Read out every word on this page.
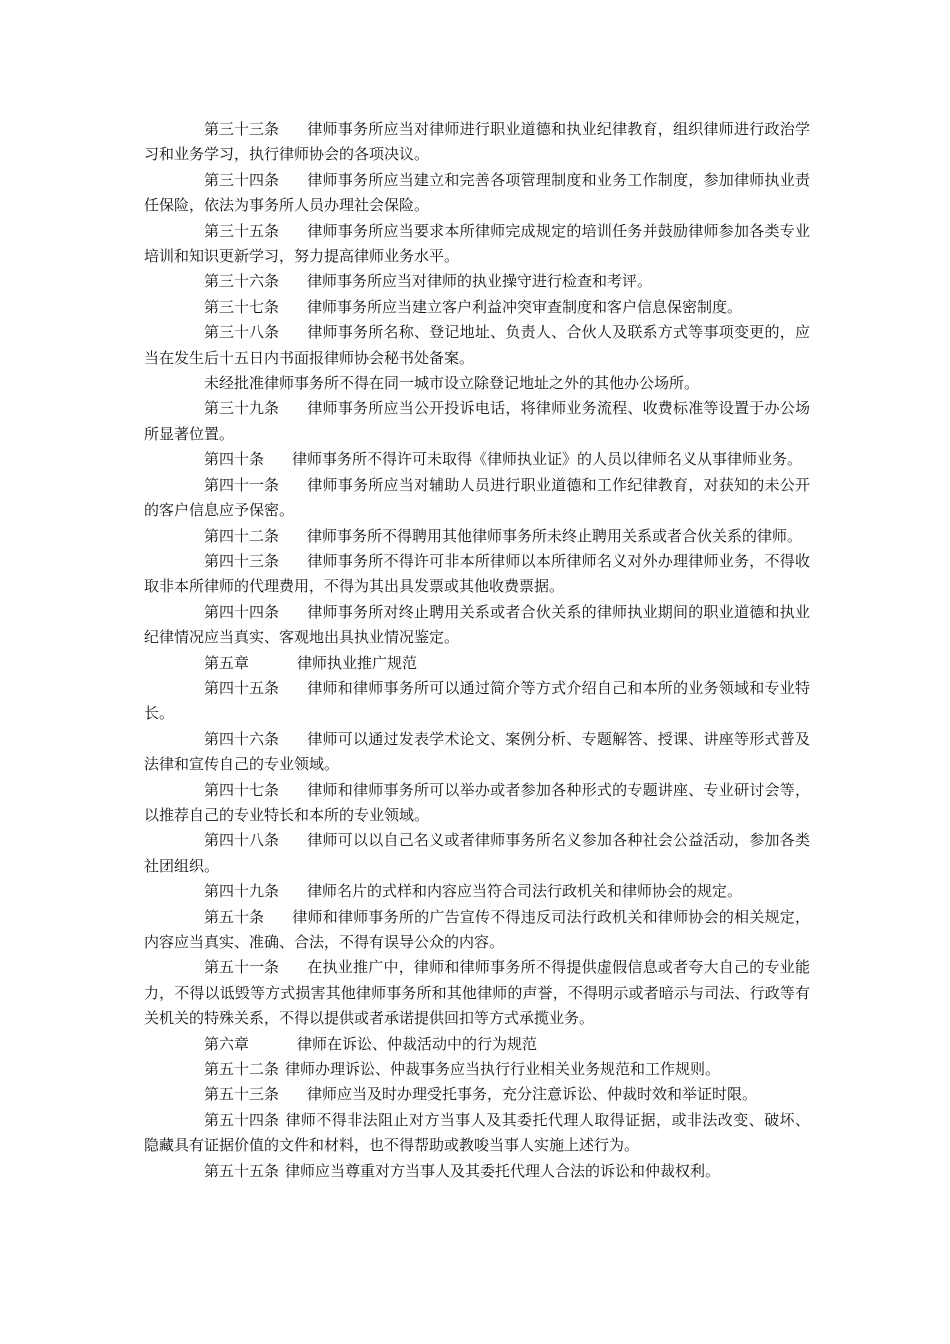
第三十三条 律师事务所应当对律师进行职业道德和执业纪律教育，组织律师进行政治学习和业务学习，执行律师协会的各项决议。

第三十四条 律师事务所应当建立和完善各项管理制度和业务工作制度，参加律师执业责任保险，依法为事务所人员办理社会保险。

第三十五条 律师事务所应当要求本所律师完成规定的培训任务并鼓励律师参加各类专业培训和知识更新学习，努力提高律师业务水平。

第三十六条 律师事务所应当对律师的执业操守进行检查和考评。

第三十七条 律师事务所应当建立客户利益冲突审查制度和客户信息保密制度。

第三十八条 律师事务所名称、登记地址、负责人、合伙人及联系方式等事项变更的，应当在发生后十五日内书面报律师协会秘书处备案。

未经批准律师事务所不得在同一城市设立除登记地址之外的其他办公场所。

第三十九条 律师事务所应当公开投诉电话，将律师业务流程、收费标准等设置于办公场所显著位置。

第四十条 律师事务所不得许可未取得《律师执业证》的人员以律师名义从事律师业务。

第四十一条 律师事务所应当对辅助人员进行职业道德和工作纪律教育，对获知的未公开的客户信息应予保密。

第四十二条 律师事务所不得聘用其他律师事务所未终止聘用关系或者合伙关系的律师。

第四十三条 律师事务所不得许可非本所律师以本所律师名义对外办理律师业务，不得收取非本所律师的代理费用，不得为其出具发票或其他收费票据。

第四十四条 律师事务所对终止聘用关系或者合伙关系的律师执业期间的职业道德和执业纪律情况应当真实、客观地出具执业情况鉴定。

第五章	律师执业推广规范

第四十五条 律师和律师事务所可以通过简介等方式介绍自己和本所的业务领域和专业特长。

第四十六条 律师可以通过发表学术论文、案例分析、专题解答、授课、讲座等形式普及法律和宣传自己的专业领域。

第四十七条 律师和律师事务所可以举办或者参加各种形式的专题讲座、专业研讨会等，以推荐自己的专业特长和本所的专业领域。

第四十八条 律师可以以自己名义或者律师事务所名义参加各种社会公益活动，参加各类社团组织。

第四十九条 律师名片的式样和内容应当符合司法行政机关和律师协会的规定。

第五十条 律师和律师事务所的广告宣传不得违反司法行政机关和律师协会的相关规定，内容应当真实、准确、合法，不得有误导公众的内容。

第五十一条 在执业推广中，律师和律师事务所不得提供虚假信息或者夸大自己的专业能力，不得以诋毁等方式损害其他律师事务所和其他律师的声誉，不得明示或者暗示与司法、行政等有关机关的特殊关系，不得以提供或者承诺提供回扣等方式承揽业务。

第六章	律师在诉讼、仲裁活动中的行为规范

第五十二条 律师办理诉讼、仲裁事务应当执行行业相关业务规范和工作规则。

第五十三条 律师应当及时办理受托事务，充分注意诉讼、仲裁时效和举证时限。

第五十四条 律师不得非法阻止对方当事人及其委托代理人取得证据，或非法改变、破坏、隐藏具有证据价值的文件和材料，也不得帮助或教唆当事人实施上述行为。

第五十五条 律师应当尊重对方当事人及其委托代理人合法的诉讼和仲裁权利。
